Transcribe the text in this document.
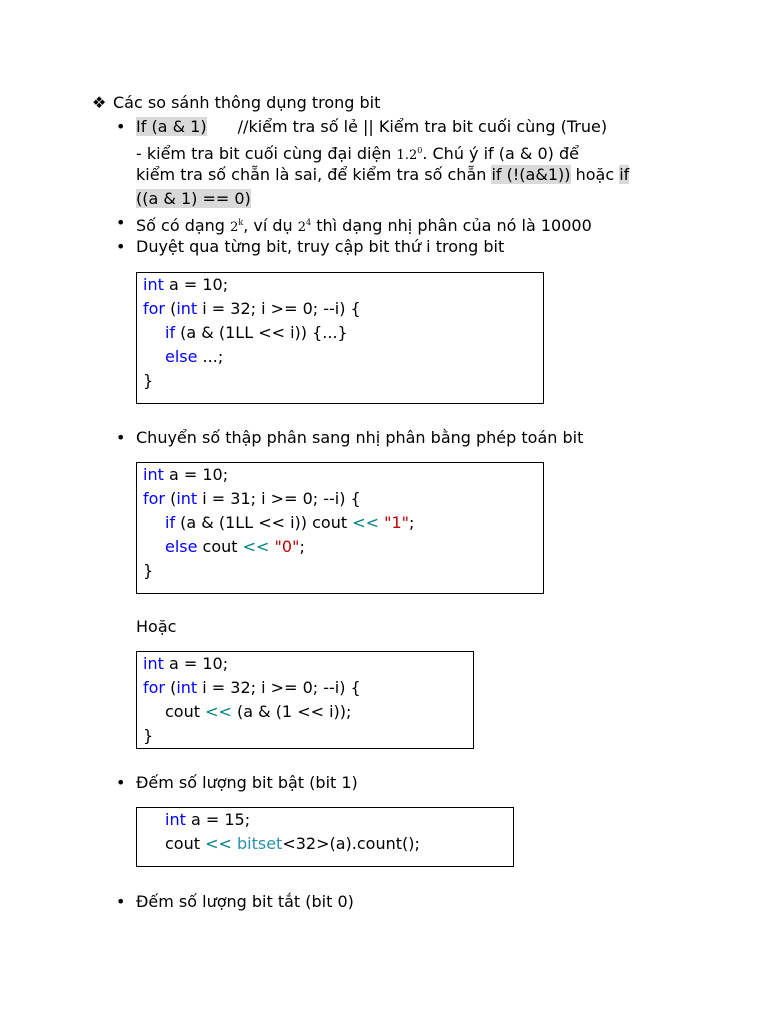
❖ Các so sánh thông dụng trong bit
• If (a & 1) //kiểm tra số lẻ || Kiểm tra bit cuối cùng (True)
- kiểm tra bit cuối cùng đại diện $1.2^0$. Chú ý if (a & 0) để
kiểm tra số chẵn là sai, để kiểm tra số chẵn if (!(a&1)) hoặc if
((a & 1) == 0)
• Số có dạng 2$^k$, ví dụ $2^4$ thì dạng nhị phân của nó là 10000
• Duyệt qua từng bit, truy cập bit thứ i trong bit
int a = 10;
for (int i = 32; i >= 0; --i) {
if (a & (1LL << i)) {...}
else ...;
}
• Chuyển số thập phân sang nhị phân bằng phép toán bit
int a = 10;
for (int i = 31; i >= 0; --i) {
if (a & (1LL << i)) cout << "1";
else cout << "0";
}
Hoặc
int a = 10;
for (int i = 32; i >= 0; --i) {
cout << (a & (1 << i));
}
• Đếm số lượng bit bật (bit 1)
int a = 15;
cout << bitset<32>(a).count();
• Đếm số lượng bit tắt (bit 0)
